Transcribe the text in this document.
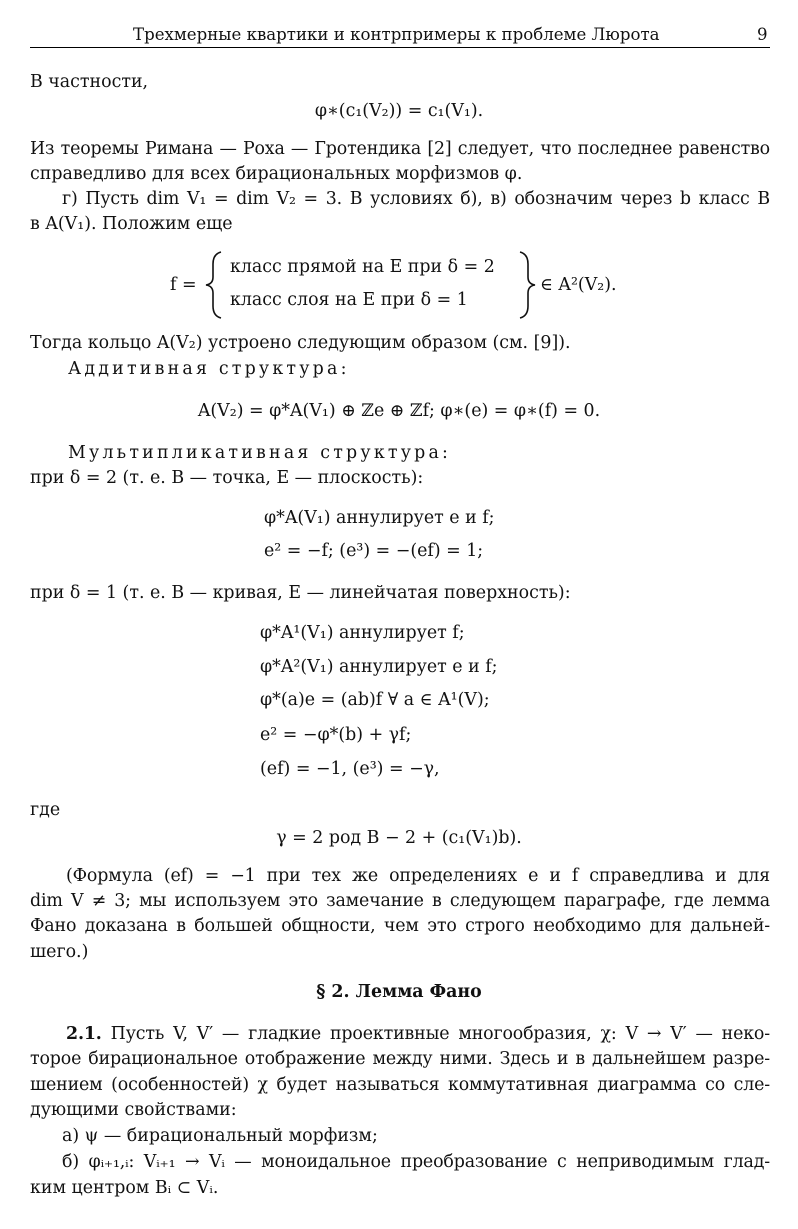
Трехмерные квартики и контрпримеры к проблеме Люрота	9
В частности,
φ∗(c₁(V₂)) = c₁(V₁).
Из теоремы Римана — Роха — Гротендика [2] следует, что последнее равенство
справедливо для всех бирациональных морфизмов φ.
г) Пусть dim V₁ = dim V₂ = 3. В условиях б), в) обозначим через b класс B
в A(V₁). Положим еще
f =
класс прямой на E при δ = 2
класс слоя на E при δ = 1
∈ A²(V₂).
Тогда кольцо A(V₂) устроено следующим образом (см. [9]).
Аддитивная структура:
A(V₂) = φ*A(V₁) ⊕ ℤe ⊕ ℤf; φ∗(e) = φ∗(f) = 0.
Мультипликативная структура:
при δ = 2 (т. е. B — точка, E — плоскость):
φ*A(V₁) аннулирует e и f;
e² = −f; (e³) = −(ef) = 1;
при δ = 1 (т. е. B — кривая, E — линейчатая поверхность):
φ*A¹(V₁) аннулирует f;
φ*A²(V₁) аннулирует e и f;
φ*(a)e = (ab)f ∀ a ∈ A¹(V);
e² = −φ*(b) + γf;
(ef) = −1, (e³) = −γ,
где
γ = 2 род B − 2 + (c₁(V₁)b).
(Формула (ef) = −1 при тех же определениях e и f справедлива и для
dim V ≠ 3; мы используем это замечание в следующем параграфе, где лемма
Фано доказана в большей общности, чем это строго необходимо для дальней-
шего.)
§ 2. Лемма Фано
2.1. Пусть V, V′ — гладкие проективные многообразия, χ: V → V′ — неко-
торое бирациональное отображение между ними. Здесь и в дальнейшем разре-
шением (особенностей) χ будет называться коммутативная диаграмма со сле-
дующими свойствами:
а) ψ — бирациональный морфизм;
б) φᵢ₊₁,ᵢ: Vᵢ₊₁ → Vᵢ — моноидальное преобразование с неприводимым глад-
ким центром Bᵢ ⊂ Vᵢ.
